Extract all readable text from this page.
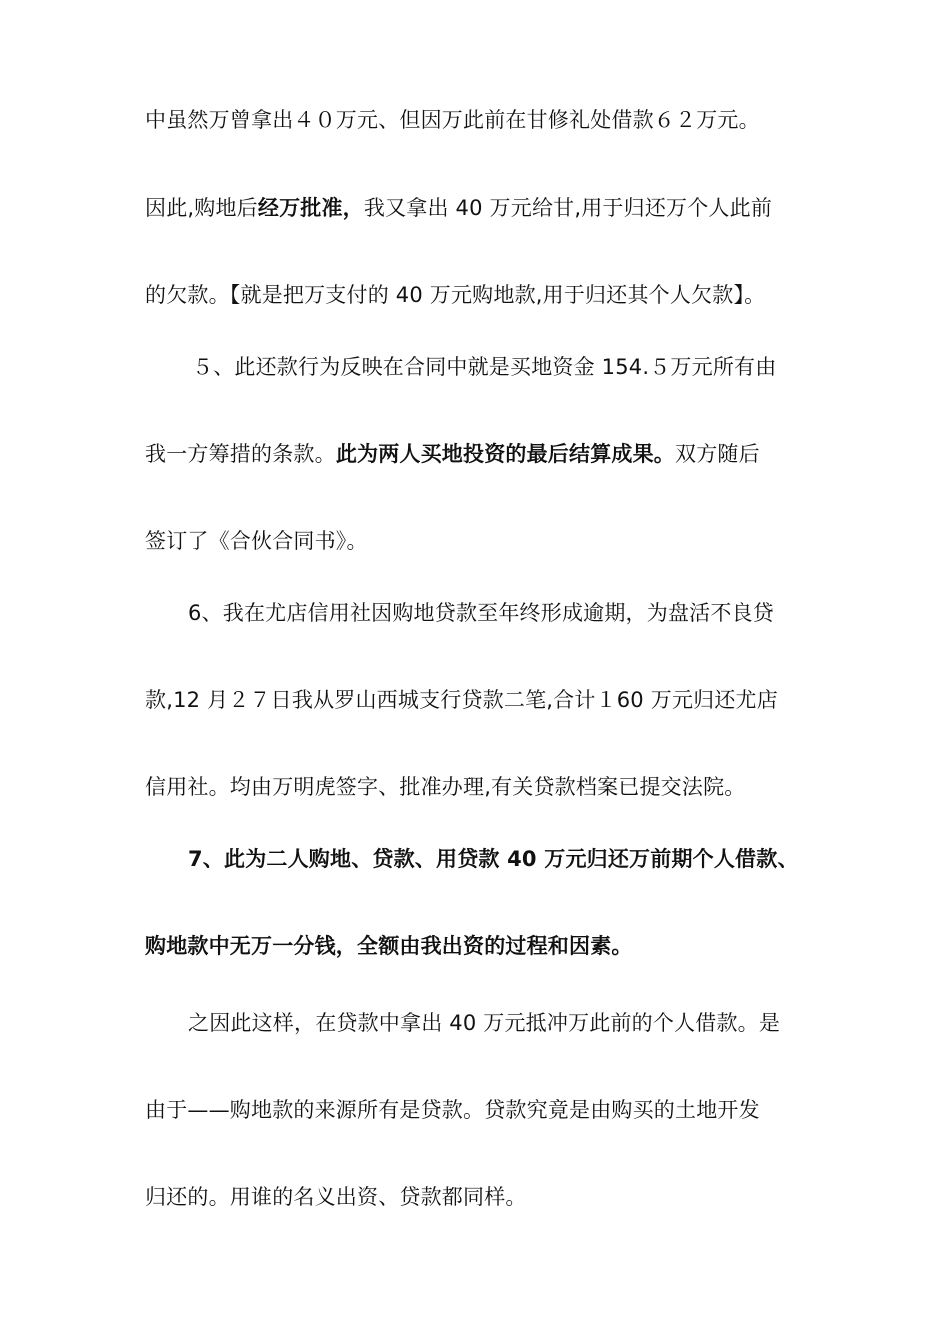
中虽然万曾拿出４０万元、但因万此前在甘修礼处借款６２万元。
因此,购地后经万批准，我又拿出 40 万元给甘,用于归还万个人此前
的欠款。【就是把万支付的 40 万元购地款,用于归还其个人欠款】。
５、此还款行为反映在合同中就是买地资金 154.５万元所有由
我一方筹措的条款。此为两人买地投资的最后结算成果。双方随后
签订了《合伙合同书》。
6、我在尤店信用社因购地贷款至年终形成逾期，为盘活不良贷
款,12 月２７日我从罗山西城支行贷款二笔,合计１60 万元归还尤店
信用社。均由万明虎签字、批准办理,有关贷款档案已提交法院。
7、此为二人购地、贷款、用贷款 40 万元归还万前期个人借款、
购地款中无万一分钱，全额由我出资的过程和因素。
之因此这样，在贷款中拿出 40 万元抵冲万此前的个人借款。是
由于——购地款的来源所有是贷款。贷款究竟是由购买的土地开发
归还的。用谁的名义出资、贷款都同样。
